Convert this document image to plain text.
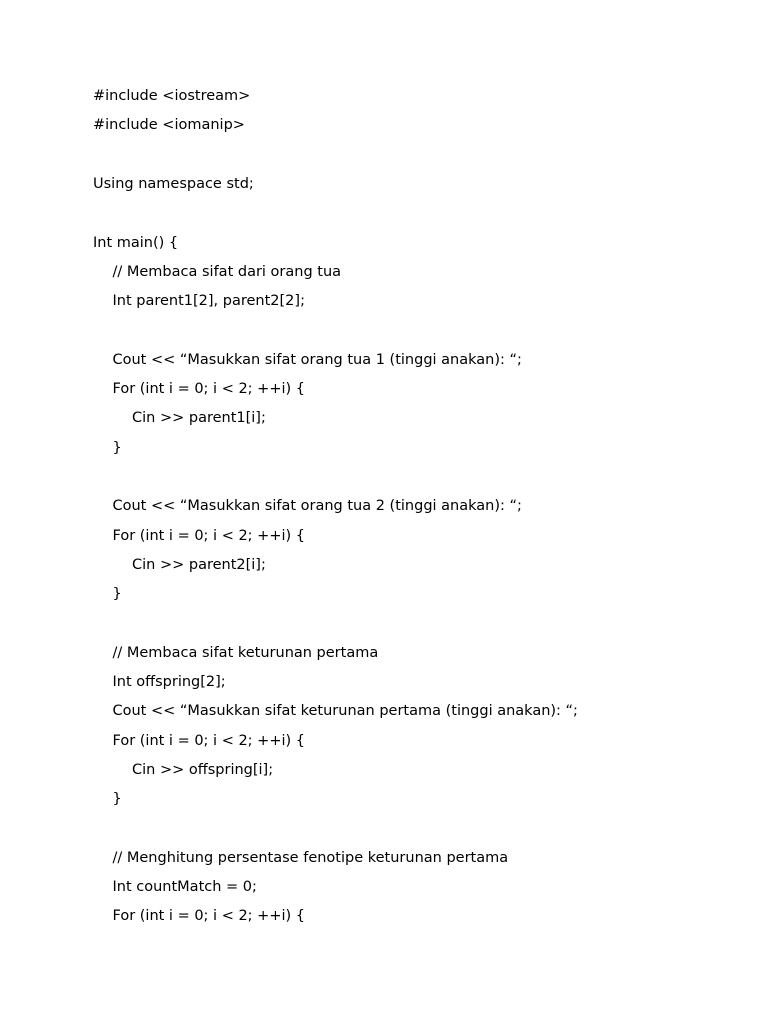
#include <iostream>
#include <iomanip>
Using namespace std;
Int main() {
// Membaca sifat dari orang tua
Int parent1[2], parent2[2];
Cout << “Masukkan sifat orang tua 1 (tinggi anakan): “;
For (int i = 0; i < 2; ++i) {
Cin >> parent1[i];
}
Cout << “Masukkan sifat orang tua 2 (tinggi anakan): “;
For (int i = 0; i < 2; ++i) {
Cin >> parent2[i];
}
// Membaca sifat keturunan pertama
Int offspring[2];
Cout << “Masukkan sifat keturunan pertama (tinggi anakan): “;
For (int i = 0; i < 2; ++i) {
Cin >> offspring[i];
}
// Menghitung persentase fenotipe keturunan pertama
Int countMatch = 0;
For (int i = 0; i < 2; ++i) {
